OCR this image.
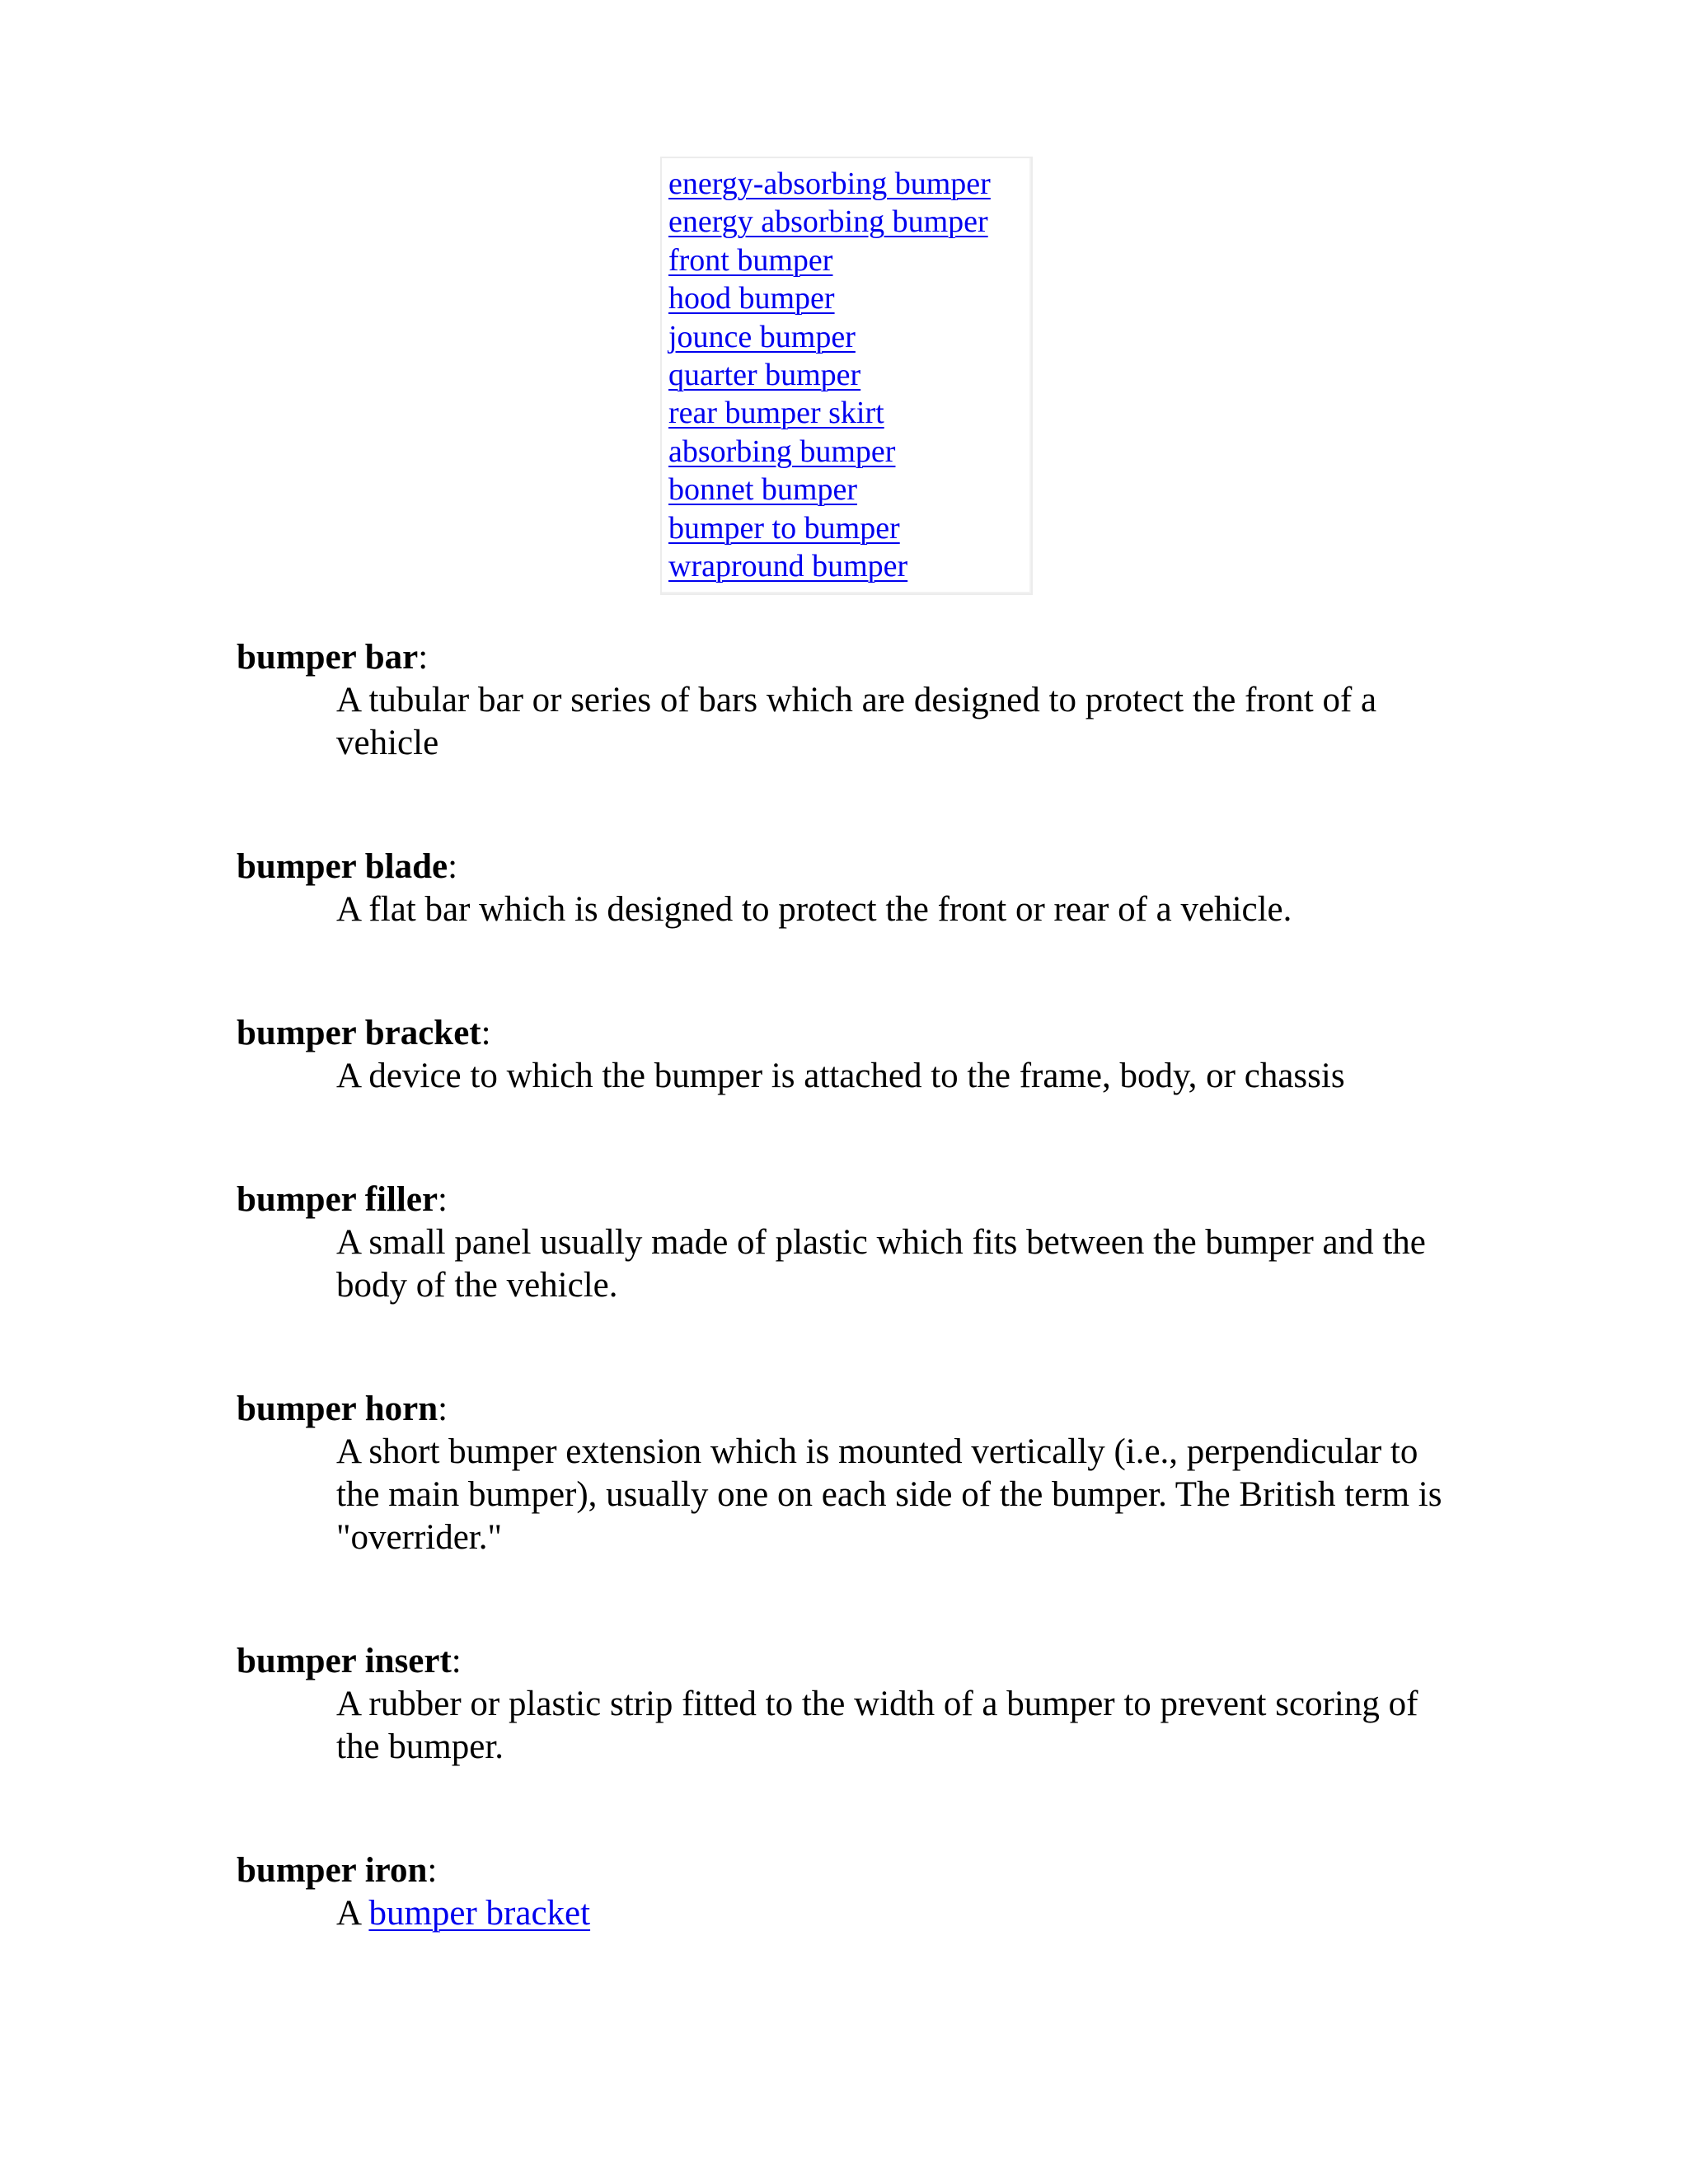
energy-absorbing bumper
energy absorbing bumper
front bumper
hood bumper
jounce bumper
quarter bumper
rear bumper skirt
absorbing bumper
bonnet bumper
bumper to bumper
wrapround bumper
bumper bar:
A tubular bar or series of bars which are designed to protect the front of a vehicle
bumper blade:
A flat bar which is designed to protect the front or rear of a vehicle.
bumper bracket:
A device to which the bumper is attached to the frame, body, or chassis
bumper filler:
A small panel usually made of plastic which fits between the bumper and the body of the vehicle.
bumper horn:
A short bumper extension which is mounted vertically (i.e., perpendicular to the main bumper), usually one on each side of the bumper. The British term is "overrider."
bumper insert:
A rubber or plastic strip fitted to the width of a bumper to prevent scoring of the bumper.
bumper iron:
A bumper bracket
